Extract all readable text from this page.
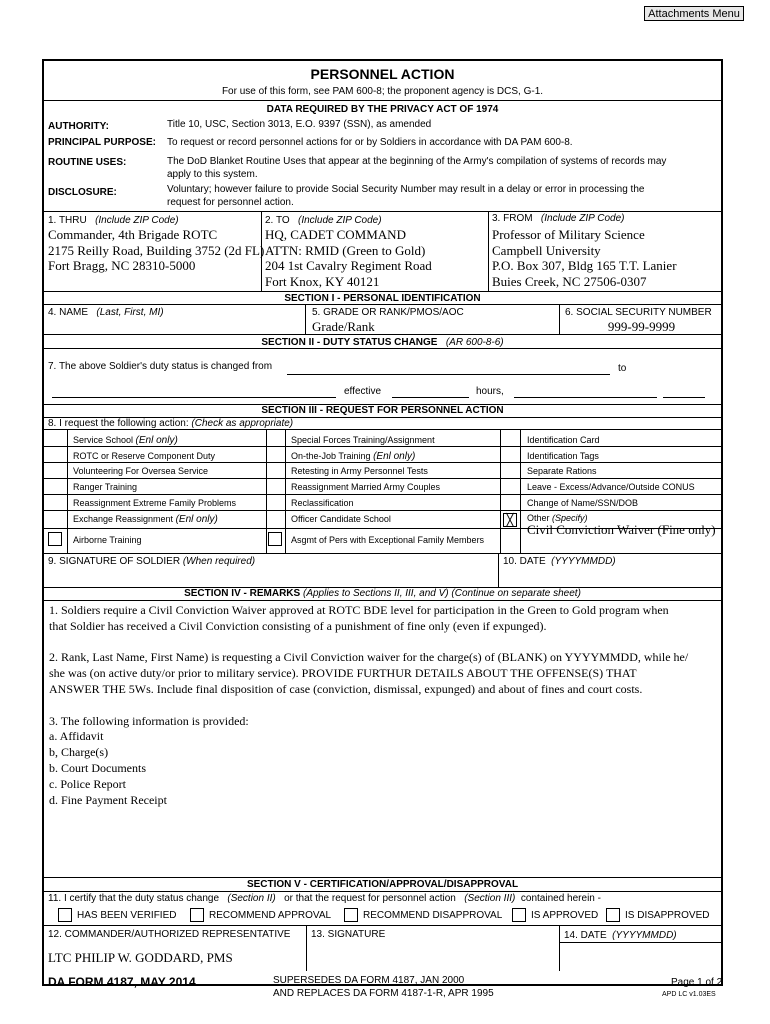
Attachments Menu
PERSONNEL ACTION
For use of this form, see PAM 600-8; the proponent agency is DCS, G-1.
DATA REQUIRED BY THE PRIVACY ACT OF 1974
AUTHORITY:	Title 10, USC, Section 3013, E.O. 9397 (SSN), as amended
PRINCIPAL PURPOSE: To request or record personnel actions for or by Soldiers in accordance with DA PAM 600-8.
ROUTINE USES:	The DoD Blanket Routine Uses that appear at the beginning of the Army's compilation of systems of records may
apply to this system.
DISCLOSURE:	Voluntary; however failure to provide Social Security Number may result in a delay or error in processing the
request for personnel action.
1. THRU (Include ZIP Code)	2. TO (Include ZIP Code)	3. FROM (Include ZIP Code)
Commander, 4th Brigade ROTC
2175 Reilly Road, Building 3752 (2d FL)
Fort Bragg, NC 28310-5000
HQ, CADET COMMAND
ATTN: RMID (Green to Gold)
204 1st Cavalry Regiment Road
Fort Knox, KY 40121
Professor of Military Science
Campbell University
P.O. Box 307, Bldg 165 T.T. Lanier
Buies Creek, NC 27506-0307
SECTION I - PERSONAL IDENTIFICATION
4. NAME (Last, First, MI)	5. GRADE OR RANK/PMOS/AOC
Grade/Rank
6. SOCIAL SECURITY NUMBER
999-99-9999
SECTION II - DUTY STATUS CHANGE (AR 600-8-6)
7. The above Soldier's duty status is changed from	to
effective	hours,
SECTION III - REQUEST FOR PERSONNEL ACTION
8. I request the following action: (Check as appropriate)
Service School (Enl only)
ROTC or Reserve Component Duty
Volunteering For Oversea Service
Ranger Training
Reassignment Extreme Family Problems
Exchange Reassignment (Enl only)
Airborne Training
Special Forces Training/Assignment
On-the-Job Training (Enl only)
Retesting in Army Personnel Tests
Reassignment Married Army Couples
Reclassification
Officer Candidate School
Asgmt of Pers with Exceptional Family Members
Identification Card
Identification Tags
Separate Rations
Leave - Excess/Advance/Outside CONUS
Change of Name/SSN/DOB
╳	Other (Specify)
Civil Conviction Waiver (Fine only)
9. SIGNATURE OF SOLDIER (When required)	10. DATE (YYYYMMDD)
SECTION IV - REMARKS (Applies to Sections II, III, and V) (Continue on separate sheet)
1. Soldiers require a Civil Conviction Waiver approved at ROTC BDE level for participation in the Green to Gold program when
that Soldier has received a Civil Conviction consisting of a punishment of fine only (even if expunged).
2. Rank, Last Name, First Name) is requesting a Civil Conviction waiver for the charge(s) of (BLANK) on YYYYMMDD, while he/
she was (on active duty/or prior to military service). PROVIDE FURTHUR DETAILS ABOUT THE OFFENSE(S) THAT
ANSWER THE 5Ws. Include final disposition of case (conviction, dismissal, expunged) and about of fines and court costs.
3. The following information is provided:
a. Affidavit
b, Charge(s)
b. Court Documents
c. Police Report
d. Fine Payment Receipt
SECTION V - CERTIFICATION/APPROVAL/DISAPPROVAL
11. I certify that the duty status change (Section II) or that the request for personnel action (Section III) contained herein -
HAS BEEN VERIFIED	RECOMMEND APPROVAL	RECOMMEND DISAPPROVAL	IS APPROVED	IS DISAPPROVED
12. COMMANDER/AUTHORIZED REPRESENTATIVE
LTC PHILIP W. GODDARD, PMS
13. SIGNATURE	14. DATE (YYYYMMDD)
DA FORM 4187, MAY 2014	SUPERSEDES DA FORM 4187, JAN 2000
AND REPLACES DA FORM 4187-1-R, APR 1995
Page 1 of 2
APD LC v1.03ES
